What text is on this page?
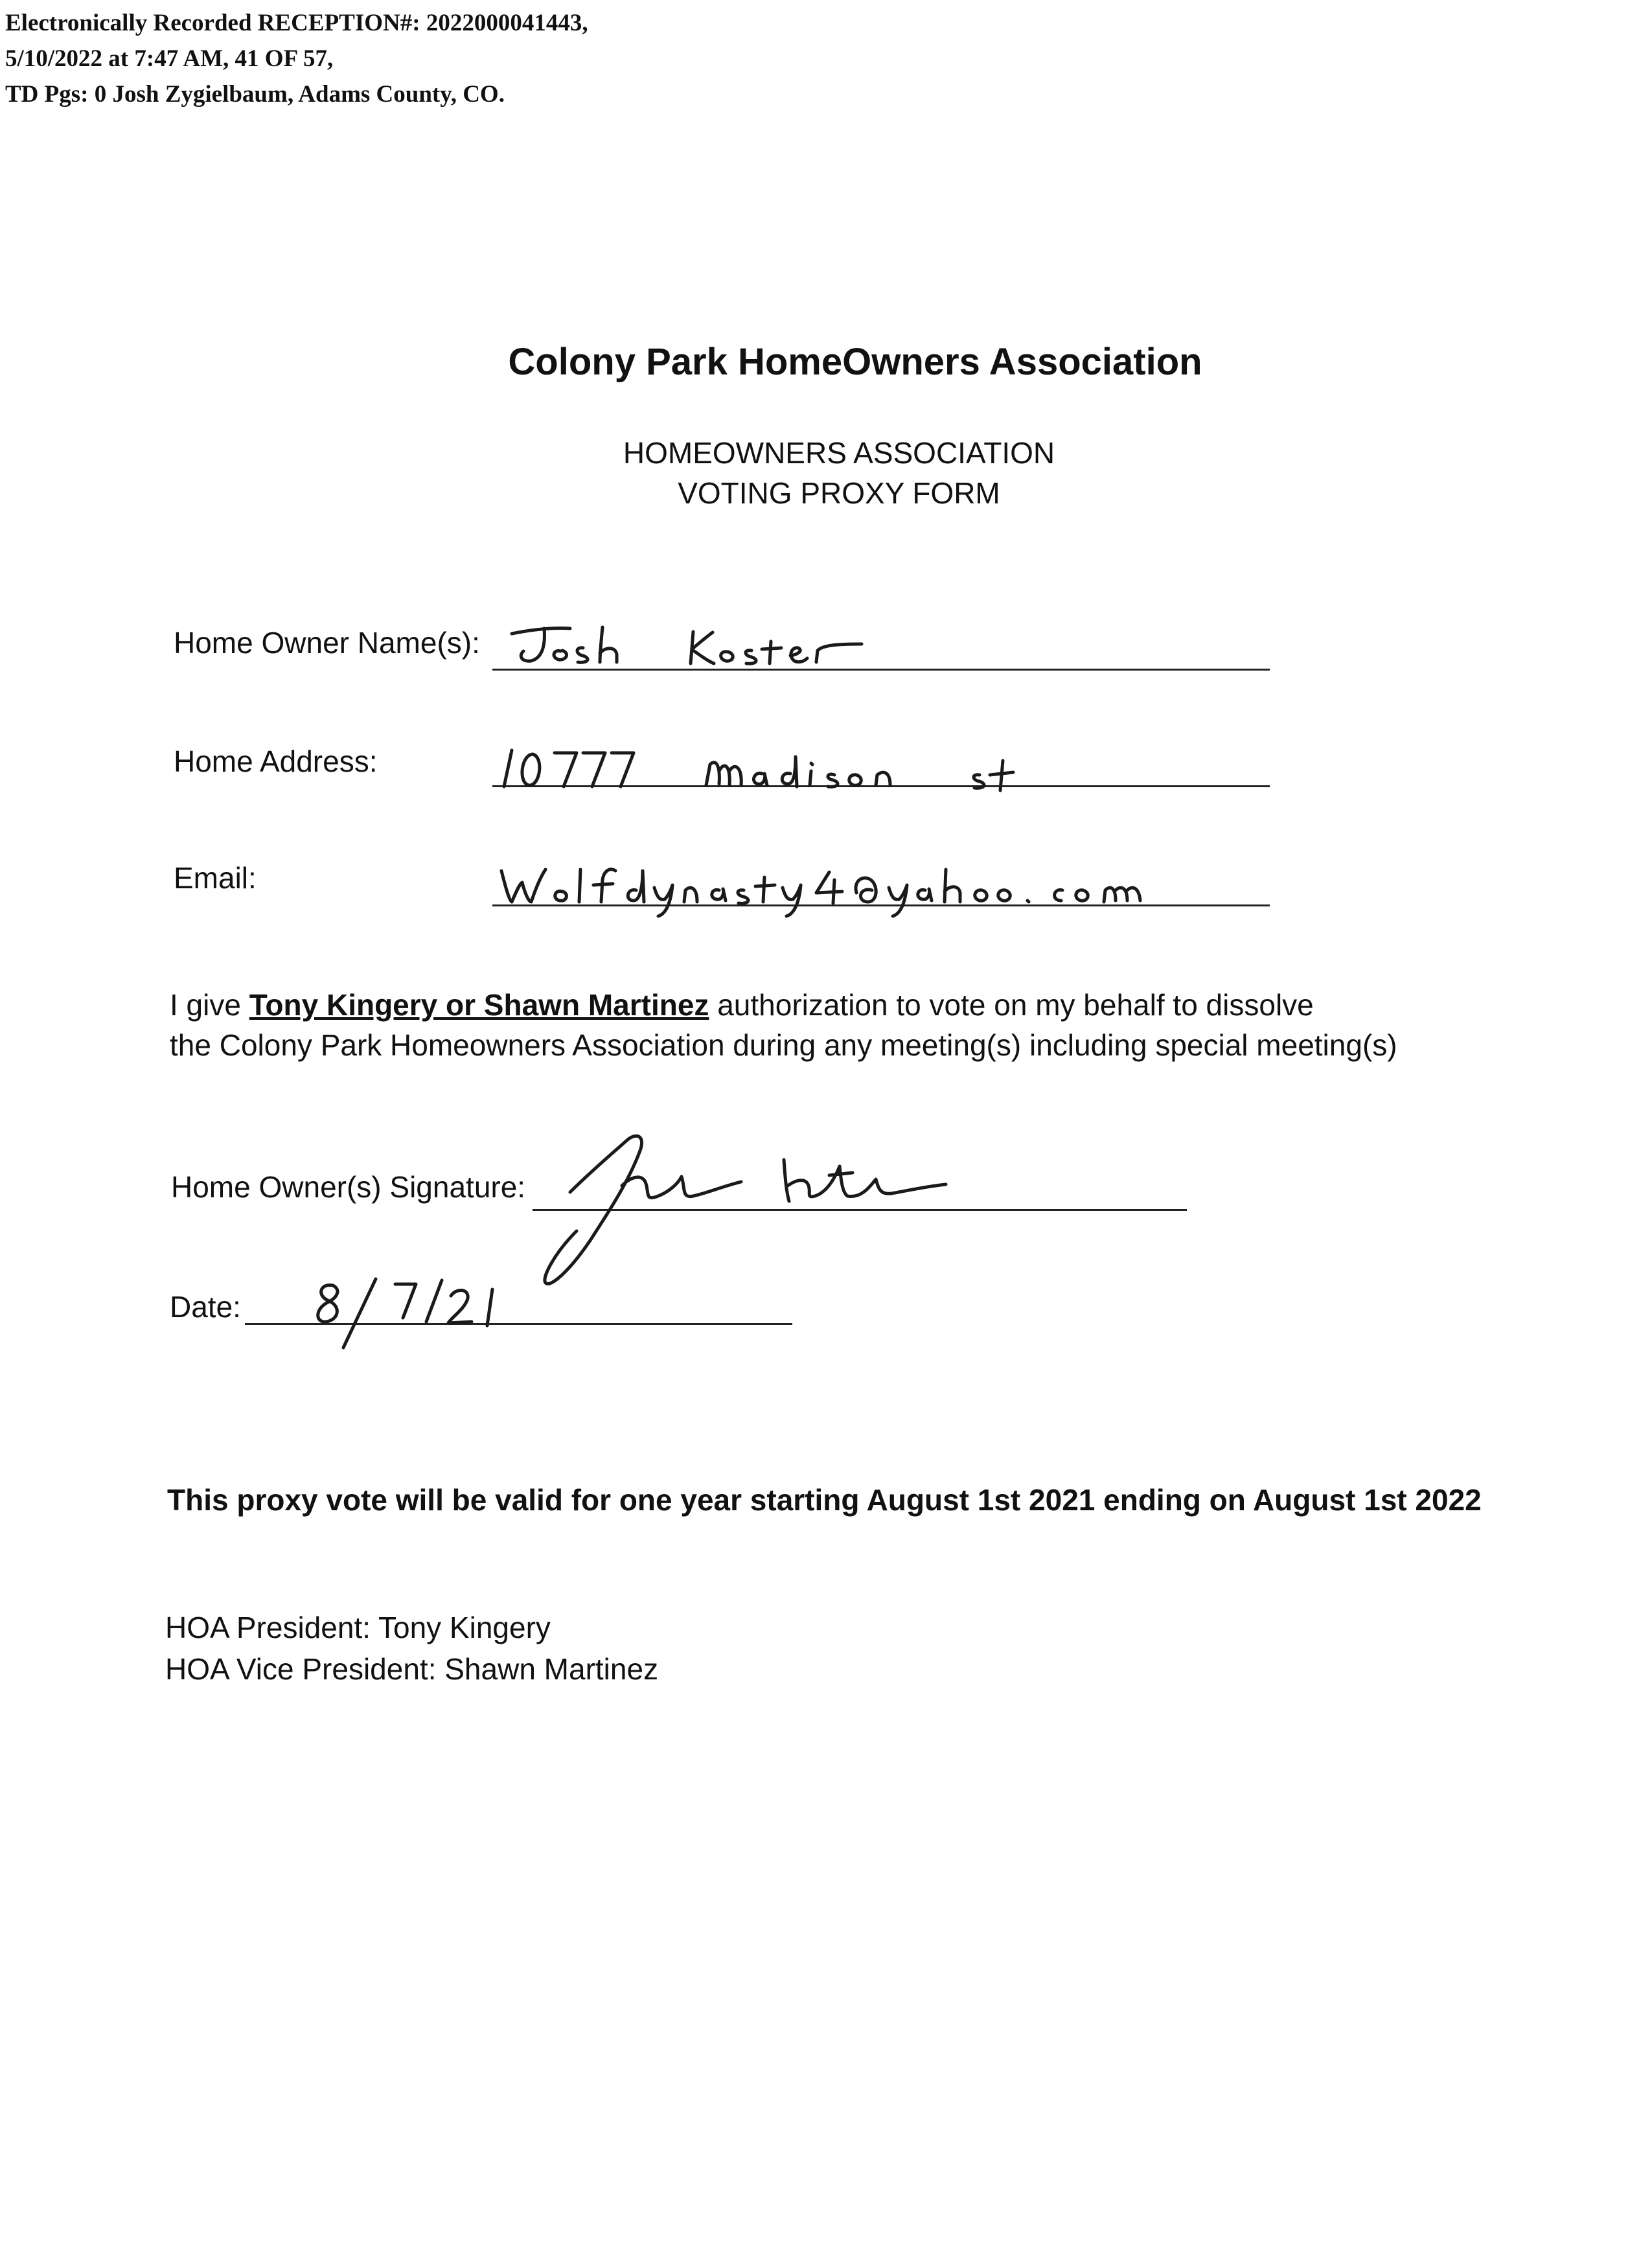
Electronically Recorded RECEPTION#: 2022000041443,
5/10/2022 at 7:47 AM, 41 OF 57,
TD Pgs: 0 Josh Zygielbaum, Adams County, CO.
Colony Park HomeOwners Association
HOMEOWNERS ASSOCIATION
VOTING PROXY FORM
Home Owner Name(s):
Home Address:
Email:
I give Tony Kingery or Shawn Martinez authorization to vote on my behalf to dissolve
the Colony Park Homeowners Association during any meeting(s) including special meeting(s)
Home Owner(s) Signature:
Date:
This proxy vote will be valid for one year starting August 1st 2021 ending on August 1st 2022
HOA President: Tony Kingery
HOA Vice President: Shawn Martinez
